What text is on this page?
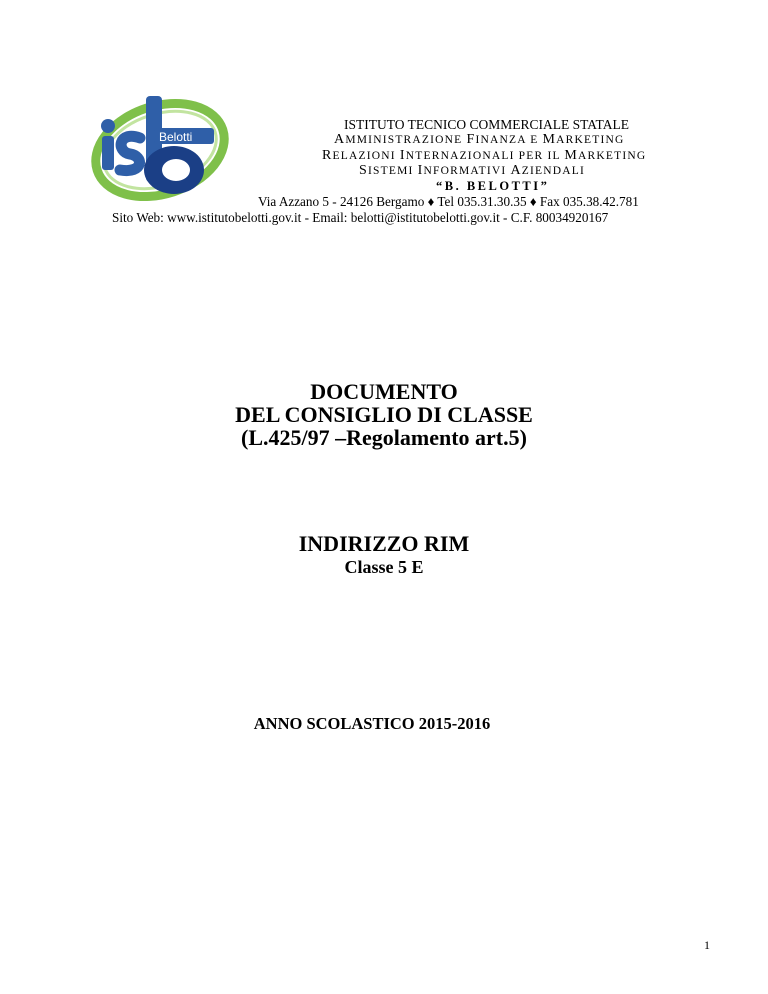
Belotti
ISTITUTO TECNICO COMMERCIALE STATALE
AMMINISTRAZIONE FINANZA E MARKETING
RELAZIONI INTERNAZIONALI PER IL MARKETING
SISTEMI INFORMATIVI AZIENDALI
“B. BELOTTI”
Via Azzano 5 - 24126 Bergamo ♦ Tel 035.31.30.35 ♦ Fax 035.38.42.781
Sito Web: www.istitutobelotti.gov.it - Email: belotti@istitutobelotti.gov.it - C.F. 80034920167
DOCUMENTO
DEL CONSIGLIO DI CLASSE
(L.425/97 –Regolamento art.5)
INDIRIZZO RIM
Classe 5 E
ANNO SCOLASTICO 2015-2016
1
